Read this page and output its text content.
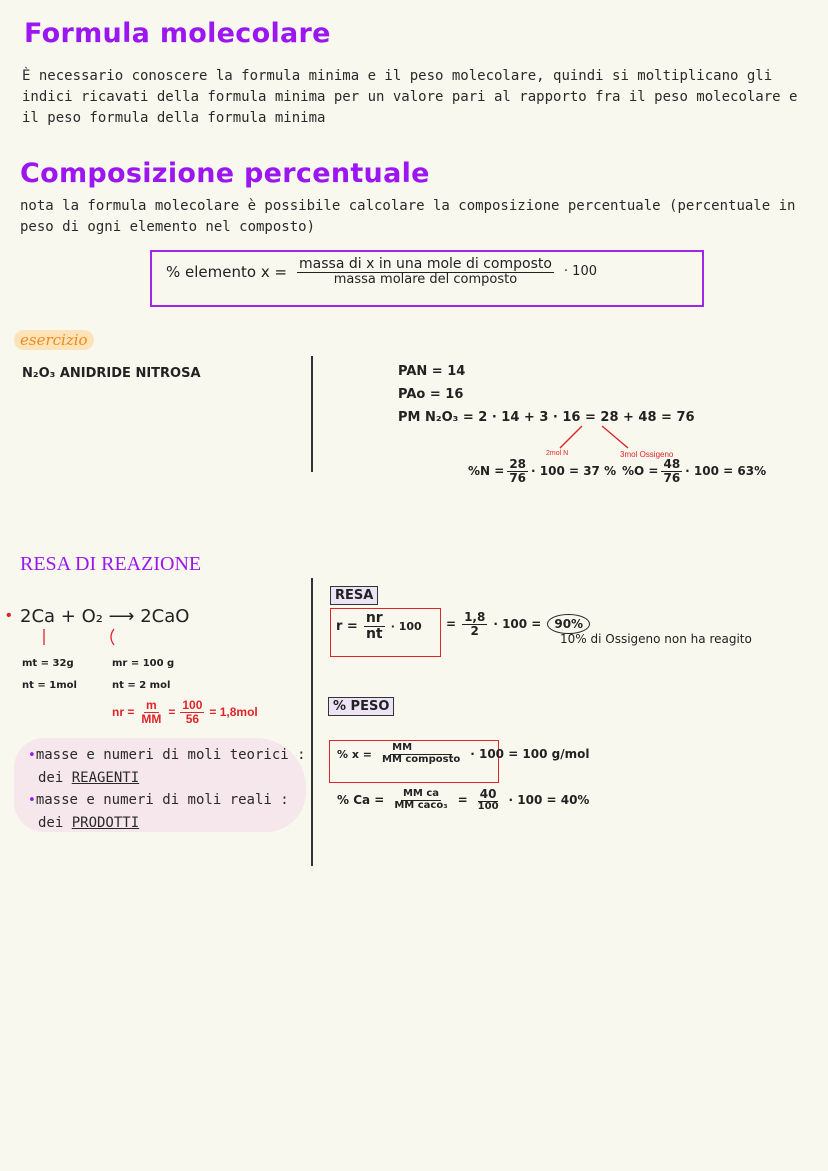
Formula molecolare
È necessario conoscere la formula minima e il peso molecolare, quindi si moltiplicano gli indici ricavati della formula minima per un valore pari al rapporto fra il peso molecolare e il peso formula della formula minima
Composizione percentuale
nota la formula molecolare è possibile calcolare la composizione percentuale (percentuale in peso di ogni elemento nel composto)
% elemento $x = \frac{\text{massa di x in una mole di composto}}{\text{massa molare del composto}} \cdot 100$
esercizio
N₂O₃ ANIDRIDE NITROSA	PAN = 14
PAo = 16
PM N₂O₃ = 2 · 14 + 3 · 16 = 28 + 48 = 76
2mol N	3mol Ossigeno
$\%N = \frac{28}{76} \cdot 100 = 37$ % $\%O = \frac{48}{76} \cdot 100 = 63\%$
RESA DI REAZIONE
• 2Ca + O₂ ⟶ 2CaO
mt = 32g
nt = 1mol
mr = 100 g
nt = 2 mol
nr = $\frac{m}{MM} = \frac{100}{56} = 1,8mol$
•masse e numeri di moli teorici :
dei REAGENTI
•masse e numeri di moli reali :
dei PRODOTTI
RESA
$r = \frac{nr}{nt} \cdot 100 = \frac{1,8}{2} \cdot 100$ =	90%
10% di Ossigeno non ha reagito
% PESO
% $x = \frac{MM}{\text{MM composto}} \cdot 100 = 100$ g/mol
% $Ca = \frac{\text{MM ca}}{\text{MM caco₃}} = \frac{40}{100} \cdot 100 = 40\%$
